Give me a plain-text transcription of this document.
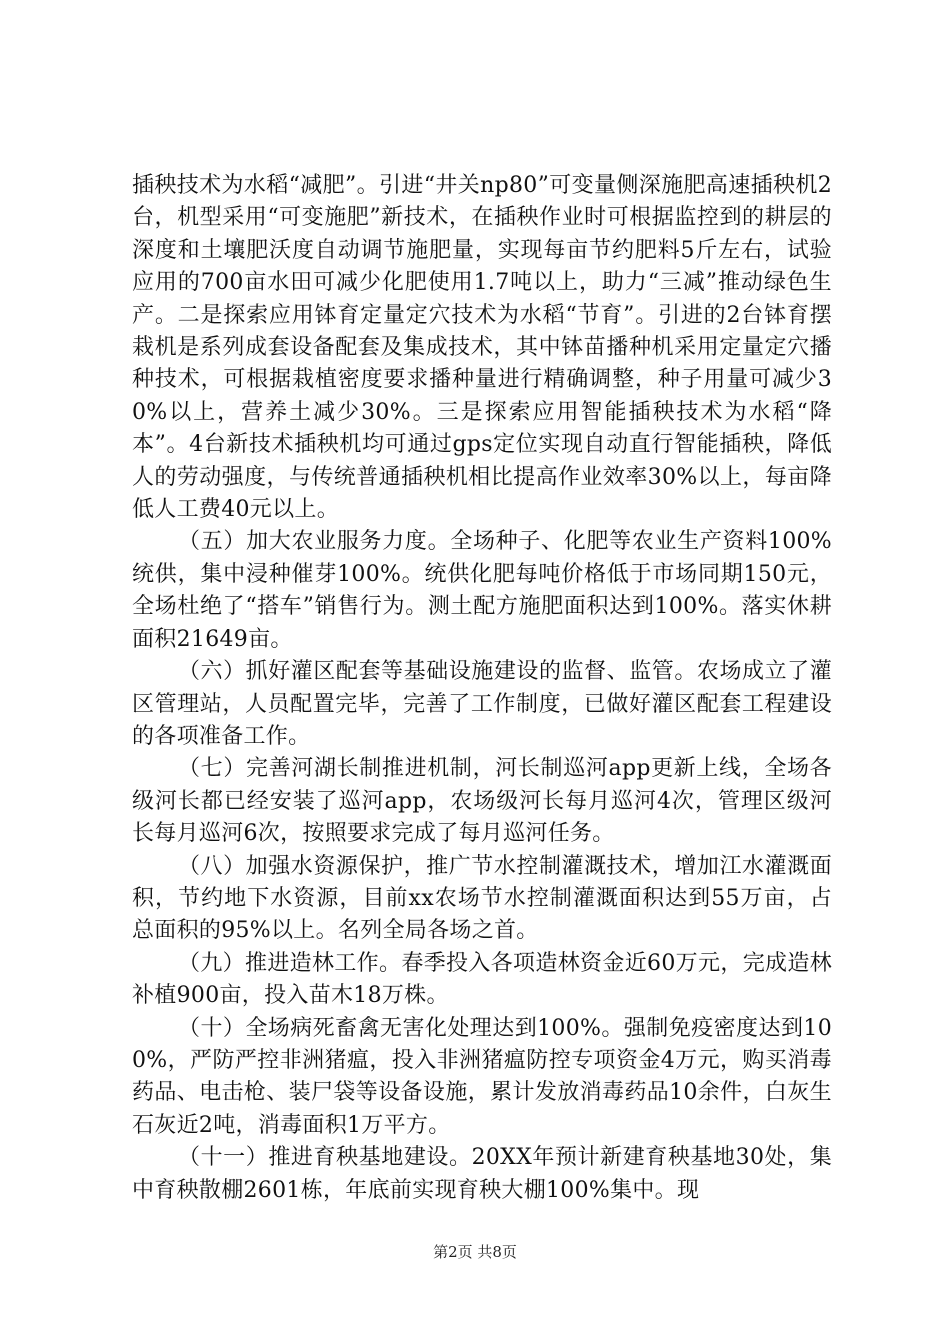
插秧技术为水稻“减肥”。引进“井关np80”可变量侧深施肥高速插秧机2台，机型采用“可变施肥”新技术，在插秧作业时可根据监控到的耕层的深度和土壤肥沃度自动调节施肥量，实现每亩节约肥料5斤左右，试验应用的700亩水田可减少化肥使用1.7吨以上，助力“三减”推动绿色生产。二是探索应用钵育定量定穴技术为水稻“节育”。引进的2台钵育摆栽机是系列成套设备配套及集成技术，其中钵苗播种机采用定量定穴播种技术，可根据栽植密度要求播种量进行精确调整，种子用量可减少30%以上，营养土减少30%。三是探索应用智能插秧技术为水稻“降本”。4台新技术插秧机均可通过gps定位实现自动直行智能插秧，降低人的劳动强度，与传统普通插秧机相比提高作业效率30%以上，每亩降低人工费40元以上。

（五）加大农业服务力度。全场种子、化肥等农业生产资料100%统供，集中浸种催芽100%。统供化肥每吨价格低于市场同期150元，全场杜绝了“搭车”销售行为。测土配方施肥面积达到100%。落实休耕面积21649亩。

（六）抓好灌区配套等基础设施建设的监督、监管。农场成立了灌区管理站，人员配置完毕，完善了工作制度，已做好灌区配套工程建设的各项准备工作。

（七）完善河湖长制推进机制，河长制巡河app更新上线，全场各级河长都已经安装了巡河app，农场级河长每月巡河4次，管理区级河长每月巡河6次，按照要求完成了每月巡河任务。

（八）加强水资源保护，推广节水控制灌溉技术，增加江水灌溉面积，节约地下水资源，目前xx农场节水控制灌溉面积达到55万亩，占总面积的95%以上。名列全局各场之首。

（九）推进造林工作。春季投入各项造林资金近60万元，完成造林补植900亩，投入苗木18万株。

（十）全场病死畜禽无害化处理达到100%。强制免疫密度达到100%，严防严控非洲猪瘟，投入非洲猪瘟防控专项资金4万元，购买消毒药品、电击枪、装尸袋等设备设施，累计发放消毒药品10余件，白灰生石灰近2吨，消毒面积1万平方。

（十一）推进育秧基地建设。20XX年预计新建育秧基地30处，集中育秧散棚2601栋，年底前实现育秧大棚100%集中。现

第2页 共8页
